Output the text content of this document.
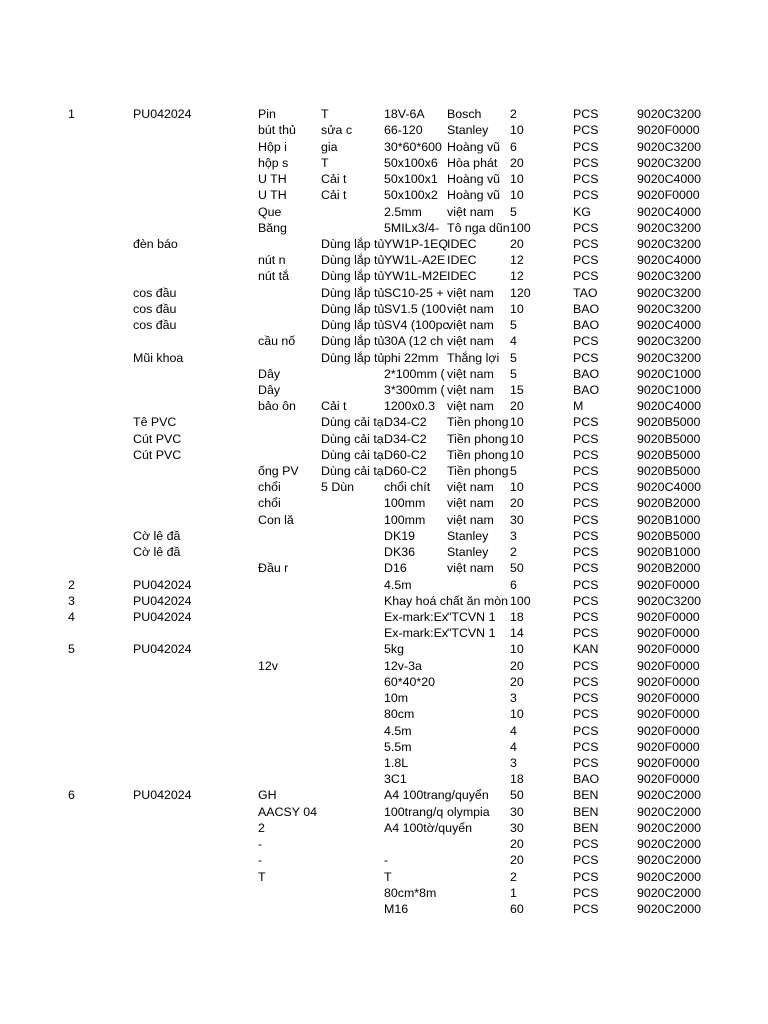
1	PU042024	Pin	T	18V-6A	Bosch	2	PCS	9020C3200
		bút thủ	sửa c	66-120	Stanley	10	PCS	9020F0000
		Hộp i	gia	30*60*600	Hoàng vũ	6	PCS	9020C3200
		hộp s	T	50x100x6	Hòa phát	20	PCS	9020C3200
		U TH	Cải t	50x100x1	Hoàng vũ	10	PCS	9020C4000
		U TH	Cải t	50x100x2	Hoàng vũ	10	PCS	9020F0000
		Que		2.5mm	việt nam	5	KG	9020C4000
		Băng		5MILx3/4-	Tô nga dũn	100	PCS	9020C3200
	đèn báo		Dùng lắp tủ	YW1P-1EQ	IDEC	20	PCS	9020C3200
		nút n	Dùng lắp tủ	YW1L-A2E	IDEC	12	PCS	9020C4000
		nút tắ	Dùng lắp tủ	YW1L-M2E	IDEC	12	PCS	9020C3200
	cos đầu		Dùng lắp tủ	SC10-25 +	việt nam	120	TAO	9020C3200
	cos đầu		Dùng lắp tủ	SV1.5 (100	việt nam	10	BAO	9020C3200
	cos đầu		Dùng lắp tủ	SV4 (100pc	việt nam	5	BAO	9020C4000
		cầu nố	Dùng lắp tủ	30A (12 ch	việt nam	4	PCS	9020C3200
	Mũi khoa		Dùng lắp tủ	phi 22mm	Thắng lợi	5	PCS	9020C3200
		Dây		2*100mm (	việt nam	5	BAO	9020C1000
		Dây		3*300mm (	việt nam	15	BAO	9020C1000
		bảo ôn	Cải t	1200x0.3	việt nam	20	M	9020C4000
	Tê PVC		Dùng cải tạ	D34-C2	Tiền phong	10	PCS	9020B5000
	Cút PVC		Dùng cải tạ	D34-C2	Tiền phong	10	PCS	9020B5000
	Cút PVC		Dùng cải tạ	D60-C2	Tiền phong	10	PCS	9020B5000
		ống PV	Dùng cải tạ	D60-C2	Tiền phong	5	PCS	9020B5000
		chổi	5 Dùn	chổi chít	việt nam	10	PCS	9020C4000
		chổi		100mm	việt nam	20	PCS	9020B2000
		Con lă		100mm	việt nam	30	PCS	9020B1000
	Cờ lê đầ			DK19	Stanley	3	PCS	9020B5000
	Cờ lê đầ			DK36	Stanley	2	PCS	9020B1000
		Đầu r		D16	việt nam	50	PCS	9020B2000
2	PU042024			4.5m		6	PCS	9020F0000
3	PU042024			Khay hoá chất ăn mòn		100	PCS	9020C3200
4	PU042024			Ex-mark:Ex	"TCVN 1	18	PCS	9020F0000
				Ex-mark:Ex	"TCVN 1	14	PCS	9020F0000
5	PU042024			5kg		10	KAN	9020F0000
		12v		12v-3a		20	PCS	9020F0000
				60*40*20		20	PCS	9020F0000
				10m		3	PCS	9020F0000
				80cm		10	PCS	9020F0000
				4.5m		4	PCS	9020F0000
				5.5m		4	PCS	9020F0000
				1.8L		3	PCS	9020F0000
				3C1		18	BAO	9020F0000
6	PU042024	GH		A4 100trang/quyển		50	BEN	9020C2000
		AACSY 04		100trang/q	olympia	30	BEN	9020C2000
		2		A4 100tờ/quyển		30	BEN	9020C2000
		-				20	PCS	9020C2000
		-		-		20	PCS	9020C2000
		T		T		2	PCS	9020C2000
				80cm*8m		1	PCS	9020C2000
				M16		60	PCS	9020C2000
